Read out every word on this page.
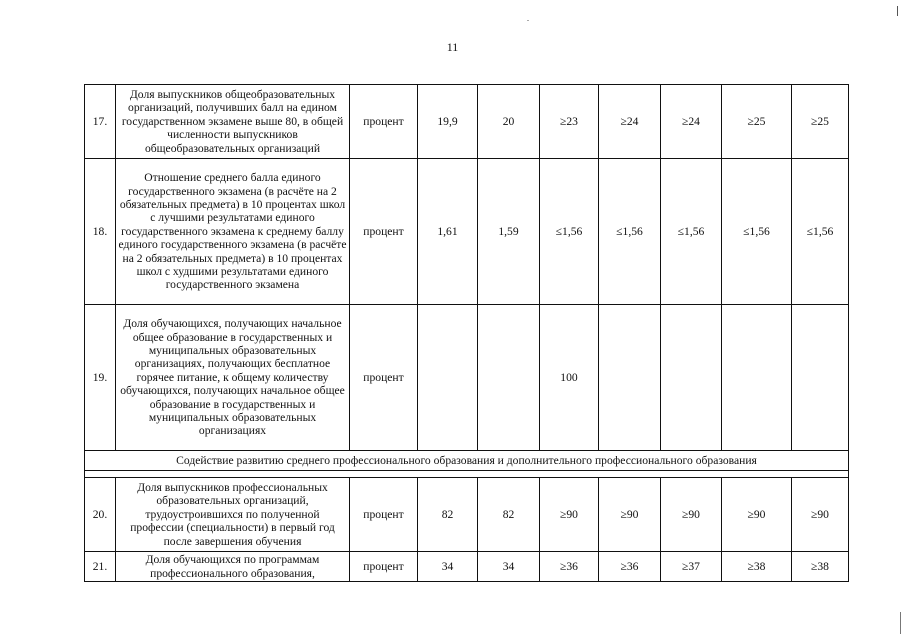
11
17.	Доля выпускников общеобразовательных организаций, получивших балл на едином государственном экзамене выше 80, в общей численности выпускников общеобразовательных организаций	процент	19,9	20	≥23	≥24	≥24	≥25	≥25
18.	Отношение среднего балла единого государственного экзамена (в расчёте на 2 обязательных предмета) в 10 процентах школ с лучшими результатами единого государственного экзамена к среднему баллу единого государственного экзамена (в расчёте на 2 обязательных предмета) в 10 процентах школ с худшими результатами единого государственного экзамена	процент	1,61	1,59	≤1,56	≤1,56	≤1,56	≤1,56	≤1,56
19.	Доля обучающихся, получающих начальное общее образование в государственных и муниципальных образовательных организациях, получающих бесплатное горячее питание, к общему количеству обучающихся, получающих начальное общее образование в государственных и муниципальных образовательных организациях	процент			100				
Содействие развитию среднего профессионального образования и дополнительного профессионального образования									

20.	Доля выпускников профессиональных образовательных организаций, трудоустроившихся по полученной профессии (специальности) в первый год после завершения обучения	процент	82	82	≥90	≥90	≥90	≥90	≥90
21.	Доля обучающихся по программам профессионального образования,	процент	34	34	≥36	≥36	≥37	≥38	≥38
